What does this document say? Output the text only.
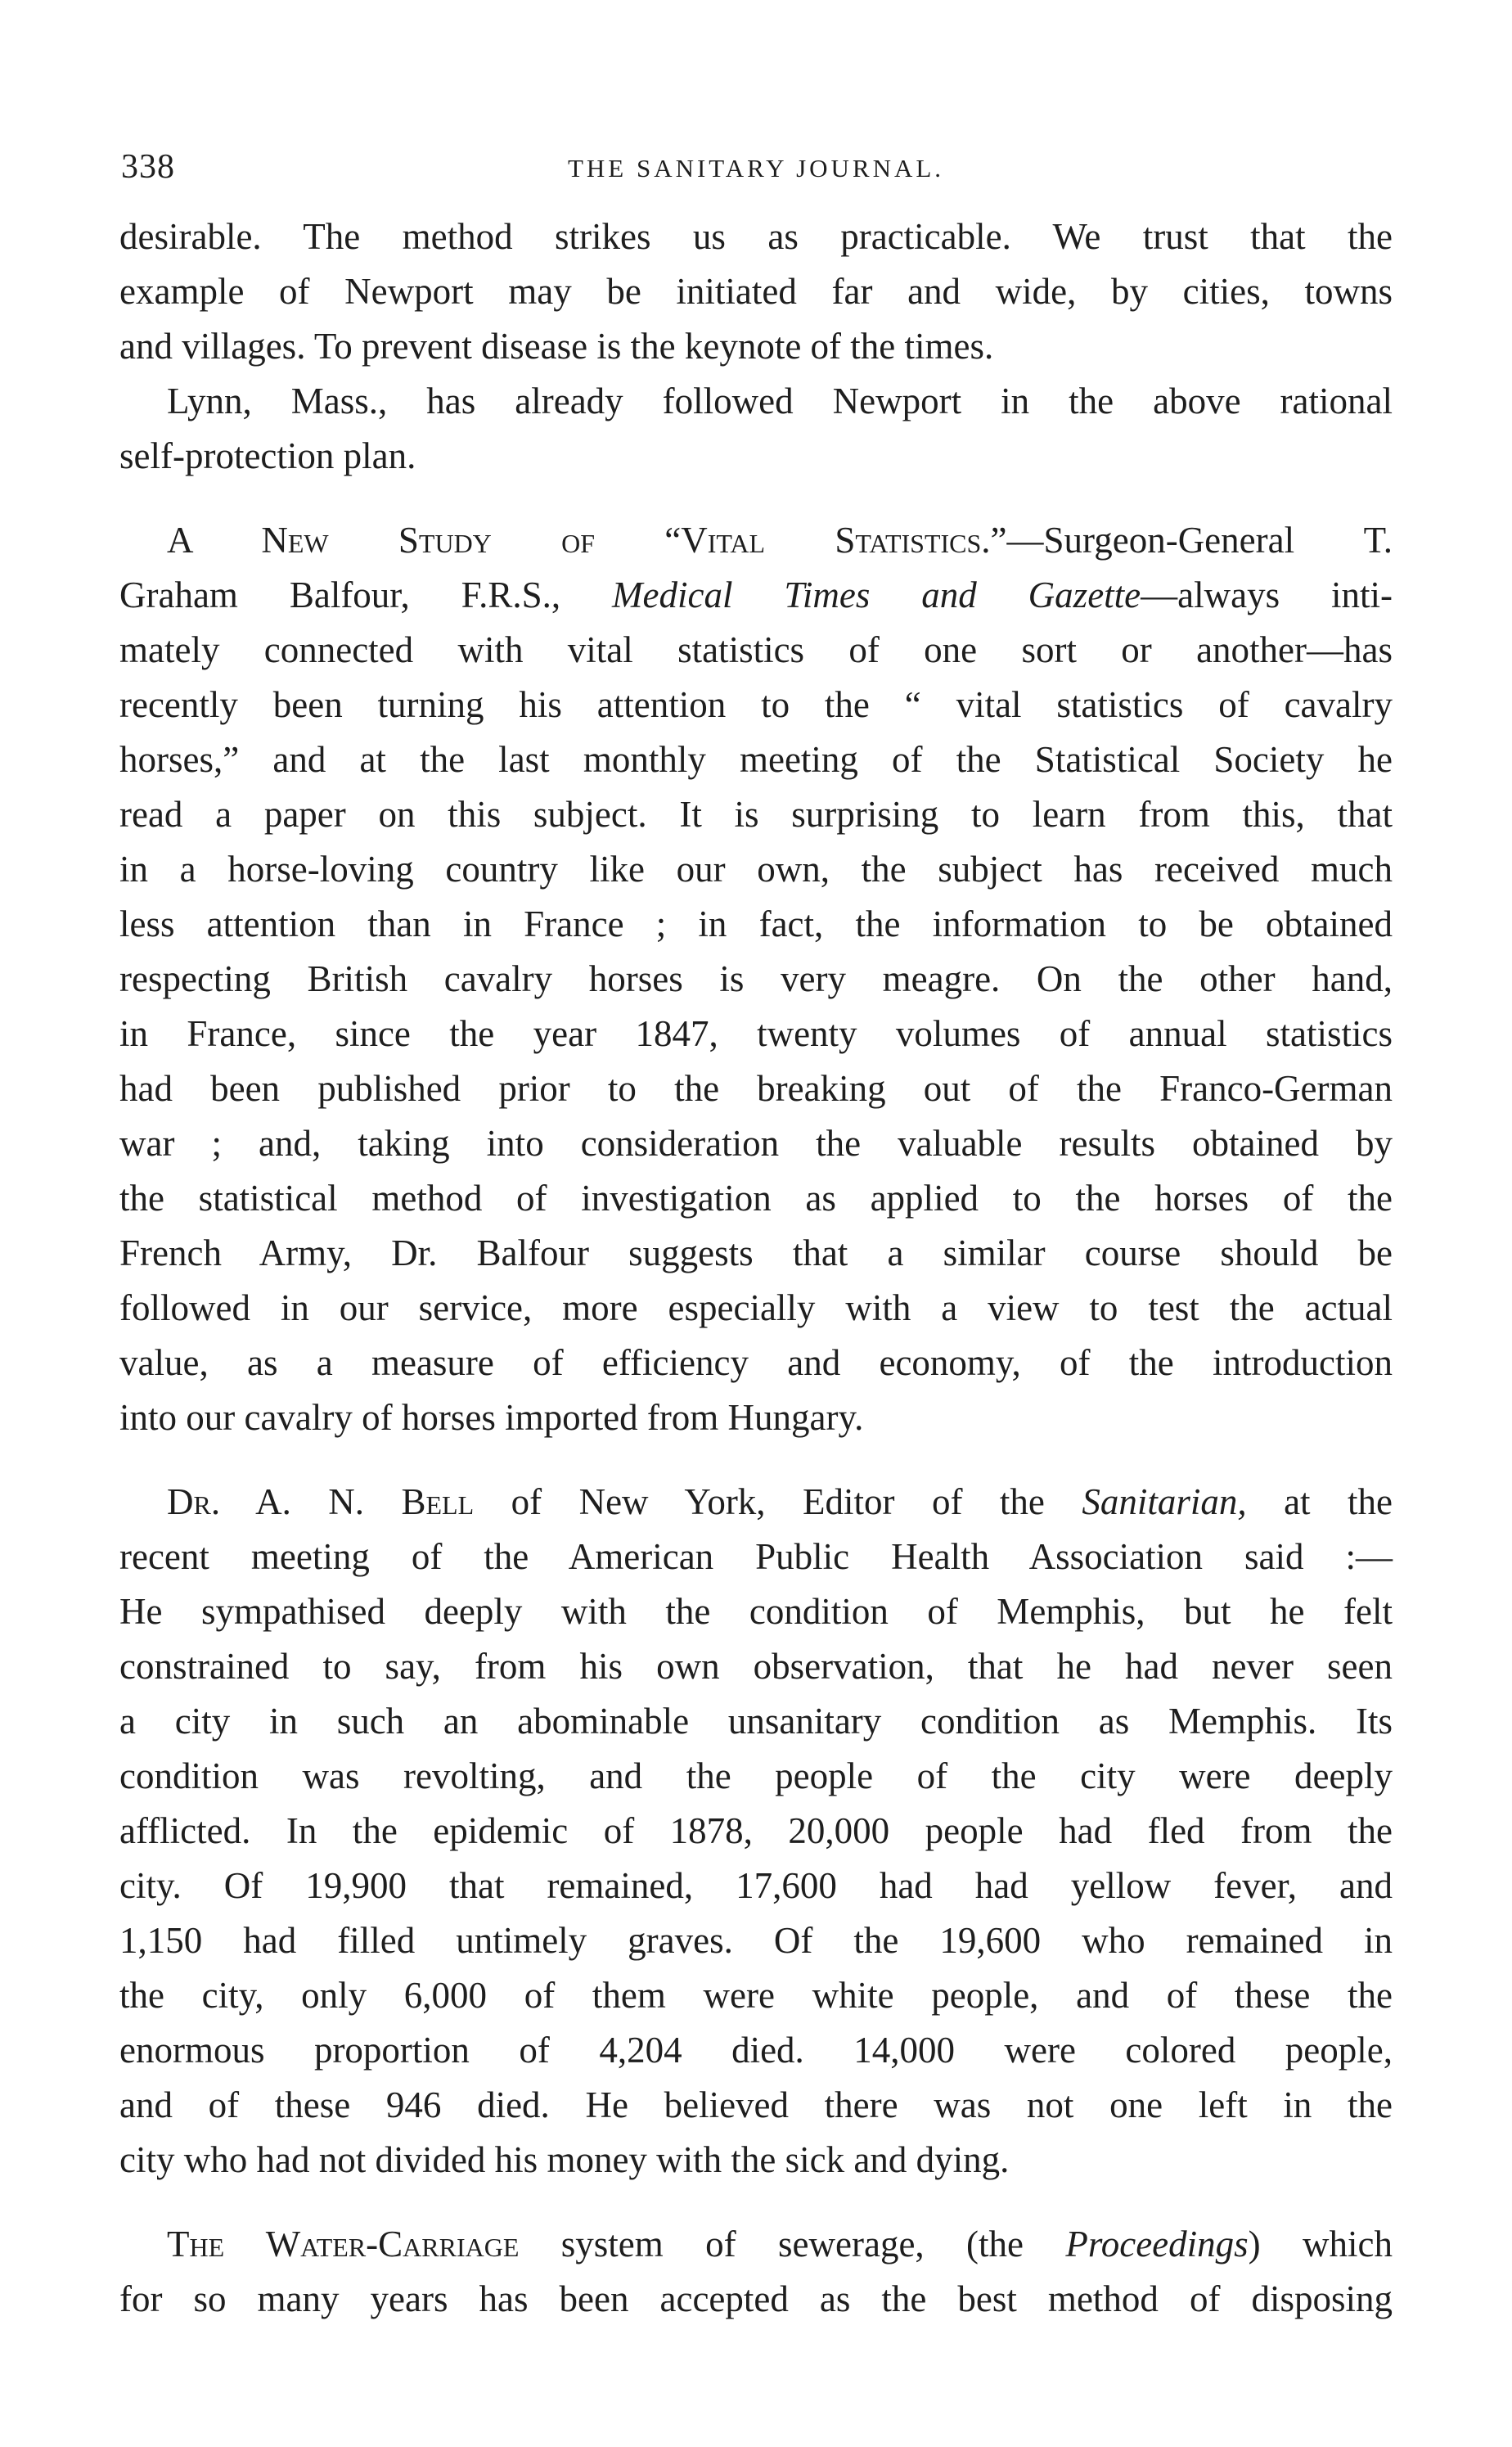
338	THE SANITARY JOURNAL.
desirable. The method strikes us as practicable. We trust that the
example of Newport may be initiated far and wide, by cities, towns
and villages. To prevent disease is the keynote of the times.
Lynn, Mass., has already followed Newport in the above rational
self-protection plan.
A New Study of “Vital Statistics.”—Surgeon-General T.
Graham Balfour, F.R.S., Medical Times and Gazette—always inti-
mately connected with vital statistics of one sort or another—has
recently been turning his attention to the “ vital statistics of cavalry
horses,” and at the last monthly meeting of the Statistical Society he
read a paper on this subject. It is surprising to learn from this, that
in a horse-loving country like our own, the subject has received much
less attention than in France ; in fact, the information to be obtained
respecting British cavalry horses is very meagre. On the other hand,
in France, since the year 1847, twenty volumes of annual statistics
had been published prior to the breaking out of the Franco-German
war ; and, taking into consideration the valuable results obtained by
the statistical method of investigation as applied to the horses of the
French Army, Dr. Balfour suggests that a similar course should be
followed in our service, more especially with a view to test the actual
value, as a measure of efficiency and economy, of the introduction
into our cavalry of horses imported from Hungary.
Dr. A. N. Bell of New York, Editor of the Sanitarian, at the
recent meeting of the American Public Health Association said :—
He sympathised deeply with the condition of Memphis, but he felt
constrained to say, from his own observation, that he had never seen
a city in such an abominable unsanitary condition as Memphis. Its
condition was revolting, and the people of the city were deeply
afflicted. In the epidemic of 1878, 20,000 people had fled from the
city. Of 19,900 that remained, 17,600 had had yellow fever, and
1,150 had filled untimely graves. Of the 19,600 who remained in
the city, only 6,000 of them were white people, and of these the
enormous proportion of 4,204 died. 14,000 were colored people,
and of these 946 died. He believed there was not one left in the
city who had not divided his money with the sick and dying.
The Water-Carriage system of sewerage, (the Proceedings) which
for so many years has been accepted as the best method of disposing
